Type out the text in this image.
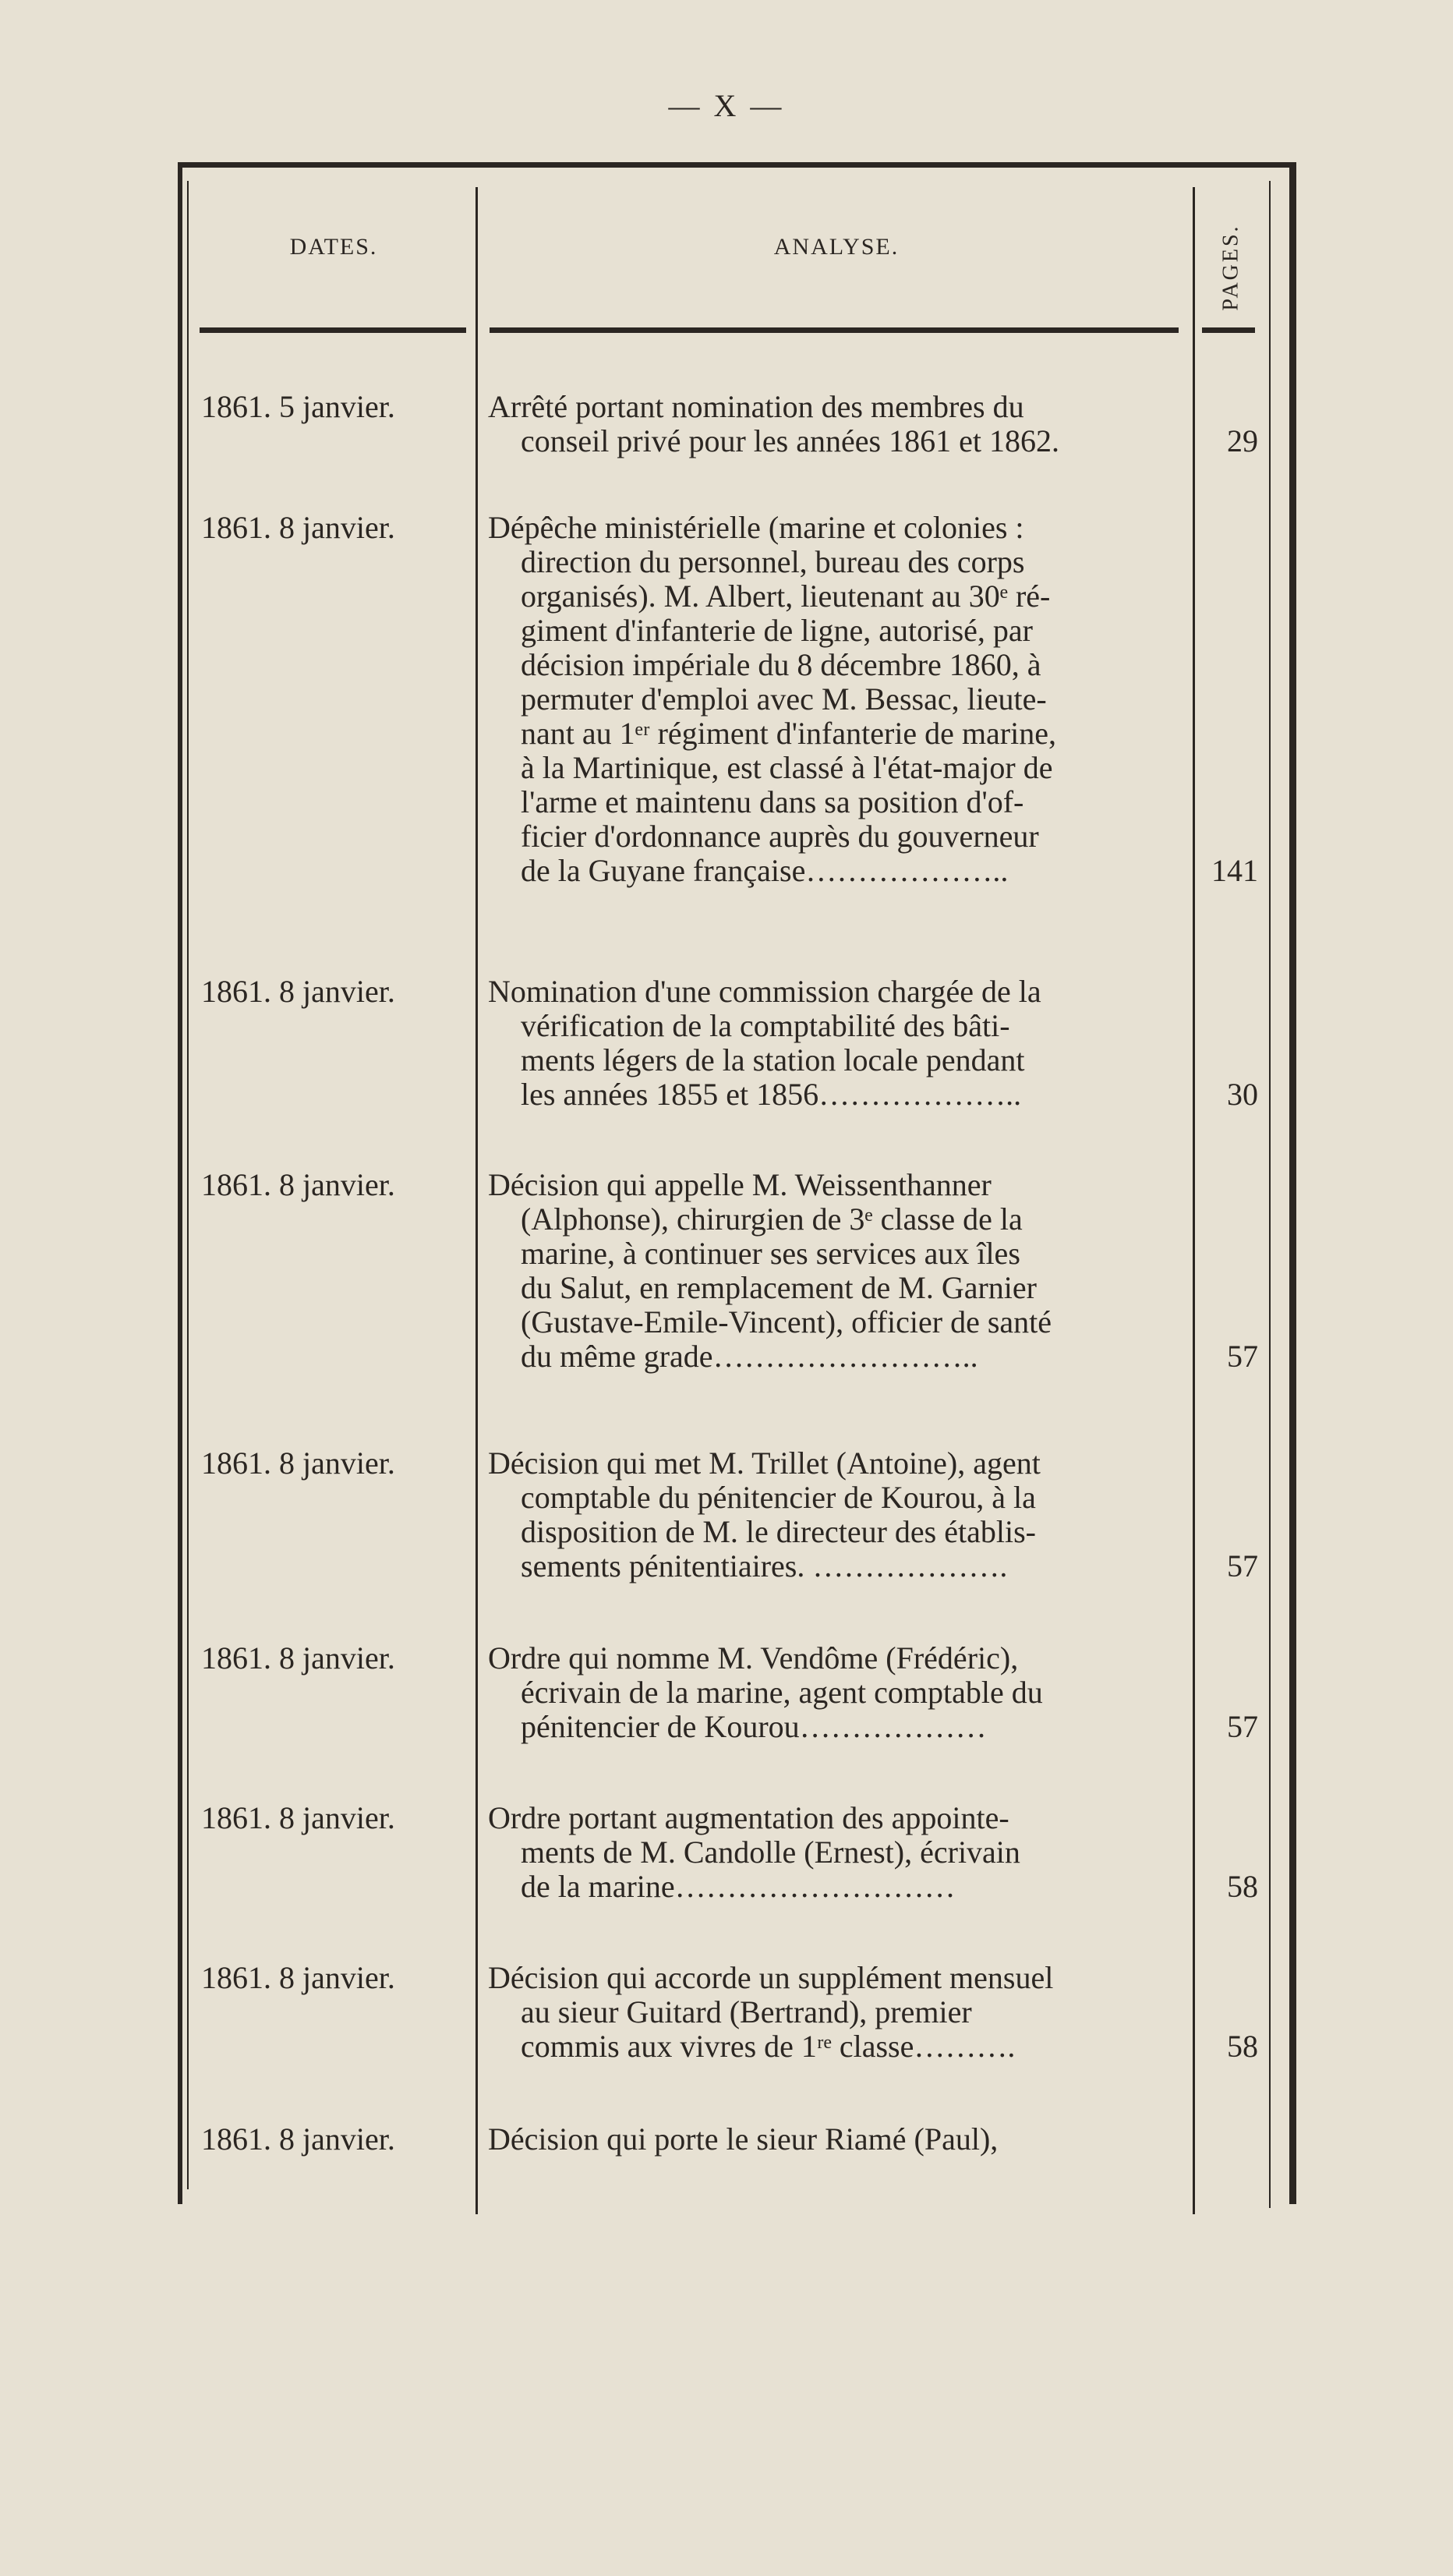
— X —
DATES.	ANALYSE.	PAGES.
1861. 5 janvier.	Arrêté portant nomination des membres du
conseil privé pour les années 1861 et 1862.	29
1861. 8 janvier.	Dépêche ministérielle (marine et colonies :
direction du personnel, bureau des corps
organisés). M. Albert, lieutenant au 30ᵉ ré-
giment d'infanterie de ligne, autorisé, par
décision impériale du 8 décembre 1860, à
permuter d'emploi avec M. Bessac, lieute-
nant au 1ᵉʳ régiment d'infanterie de marine,
à la Martinique, est classé à l'état-major de
l'arme et maintenu dans sa position d'of-
ficier d'ordonnance auprès du gouverneur
de la Guyane française………………..	141
1861. 8 janvier.	Nomination d'une commission chargée de la
vérification de la comptabilité des bâti-
ments légers de la station locale pendant
les années 1855 et 1856………………..	30
1861. 8 janvier.	Décision qui appelle M. Weissenthanner
(Alphonse), chirurgien de 3ᵉ classe de la
marine, à continuer ses services aux îles
du Salut, en remplacement de M. Garnier
(Gustave-Emile-Vincent), officier de santé
du même grade……………………..	57
1861. 8 janvier.	Décision qui met M. Trillet (Antoine), agent
comptable du pénitencier de Kourou, à la
disposition de M. le directeur des établis-
sements pénitentiaires. ……………….	57
1861. 8 janvier.	Ordre qui nomme M. Vendôme (Frédéric),
écrivain de la marine, agent comptable du
pénitencier de Kourou………………	57
1861. 8 janvier.	Ordre portant augmentation des appointe-
ments de M. Candolle (Ernest), écrivain
de la marine………………………	58
1861. 8 janvier.	Décision qui accorde un supplément mensuel
au sieur Guitard (Bertrand), premier
commis aux vivres de 1ʳᵉ classe……….	58
1861. 8 janvier.	Décision qui porte le sieur Riamé (Paul),
